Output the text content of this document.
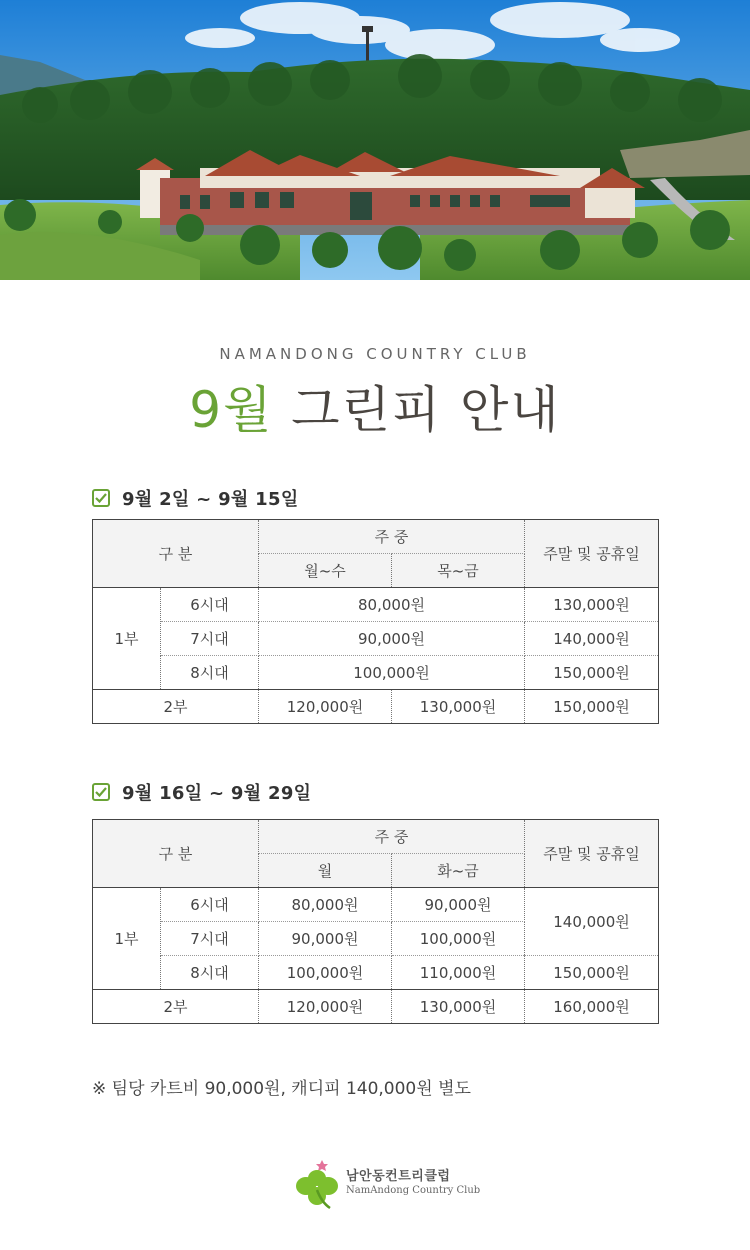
NAMANDONG COUNTRY CLUB
9월 그린피 안내
9월 2일 ~ 9월 15일
구 분		주 중		주말 및 공휴일
		월~수	목~금	
1부	6시대	80,000원		130,000원
	7시대	90,000원		140,000원
	8시대	100,000원		150,000원
2부		120,000원	130,000원	150,000원
9월 16일 ~ 9월 29일
구 분		주 중		주말 및 공휴일
		월	화~금	
1부	6시대	80,000원	90,000원	140,000원
	7시대	90,000원	100,000원	
	8시대	100,000원	110,000원	150,000원
2부		120,000원	130,000원	160,000원
※ 팀당 카트비 90,000원, 캐디피 140,000원 별도
남안동컨트리클럽
NamAndong Country Club
